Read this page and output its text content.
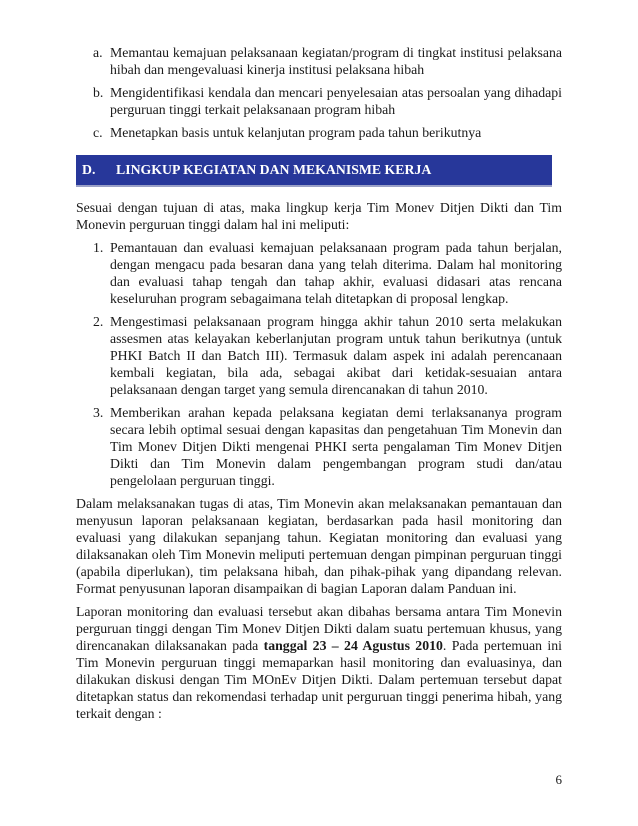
a. Memantau kemajuan pelaksanaan kegiatan/program di tingkat institusi pelaksana hibah dan mengevaluasi kinerja institusi pelaksana hibah

b. Mengidentifikasi kendala dan mencari penyelesaian atas persoalan yang dihadapi perguruan tinggi terkait pelaksanaan program hibah

c. Menetapkan basis untuk kelanjutan program pada tahun berikutnya

D. LINGKUP KEGIATAN DAN MEKANISME KERJA

Sesuai dengan tujuan di atas, maka lingkup kerja Tim Monev Ditjen Dikti dan Tim Monevin perguruan tinggi dalam hal ini meliputi:

1. Pemantauan dan evaluasi kemajuan pelaksanaan program pada tahun berjalan, dengan mengacu pada besaran dana yang telah diterima. Dalam hal monitoring dan evaluasi tahap tengah dan tahap akhir, evaluasi didasari atas rencana keseluruhan program sebagaimana telah ditetapkan di proposal lengkap.

2. Mengestimasi pelaksanaan program hingga akhir tahun 2010 serta melakukan assesmen atas kelayakan keberlanjutan program untuk tahun berikutnya (untuk PHKI Batch II dan Batch III). Termasuk dalam aspek ini adalah perencanaan kembali kegiatan, bila ada, sebagai akibat dari ketidak-sesuaian antara pelaksanaan dengan target yang semula direncanakan di tahun 2010.

3. Memberikan arahan kepada pelaksana kegiatan demi terlaksananya program secara lebih optimal sesuai dengan kapasitas dan pengetahuan Tim Monevin dan Tim Monev Ditjen Dikti mengenai PHKI serta pengalaman Tim Monev Ditjen Dikti dan Tim Monevin dalam pengembangan program studi dan/atau pengelolaan perguruan tinggi.

Dalam melaksanakan tugas di atas, Tim Monevin akan melaksanakan pemantauan dan menyusun laporan pelaksanaan kegiatan, berdasarkan pada hasil monitoring dan evaluasi yang dilakukan sepanjang tahun. Kegiatan monitoring dan evaluasi yang dilaksanakan oleh Tim Monevin meliputi pertemuan dengan pimpinan perguruan tinggi (apabila diperlukan), tim pelaksana hibah, dan pihak-pihak yang dipandang relevan. Format penyusunan laporan disampaikan di bagian Laporan dalam Panduan ini.

Laporan monitoring dan evaluasi tersebut akan dibahas bersama antara Tim Monevin perguruan tinggi dengan Tim Monev Ditjen Dikti dalam suatu pertemuan khusus, yang direncanakan dilaksanakan pada tanggal 23 – 24 Agustus 2010. Pada pertemuan ini Tim Monevin perguruan tinggi memaparkan hasil monitoring dan evaluasinya, dan dilakukan diskusi dengan Tim MOnEv Ditjen Dikti. Dalam pertemuan tersebut dapat ditetapkan status dan rekomendasi terhadap unit perguruan tinggi penerima hibah, yang terkait dengan :

6
